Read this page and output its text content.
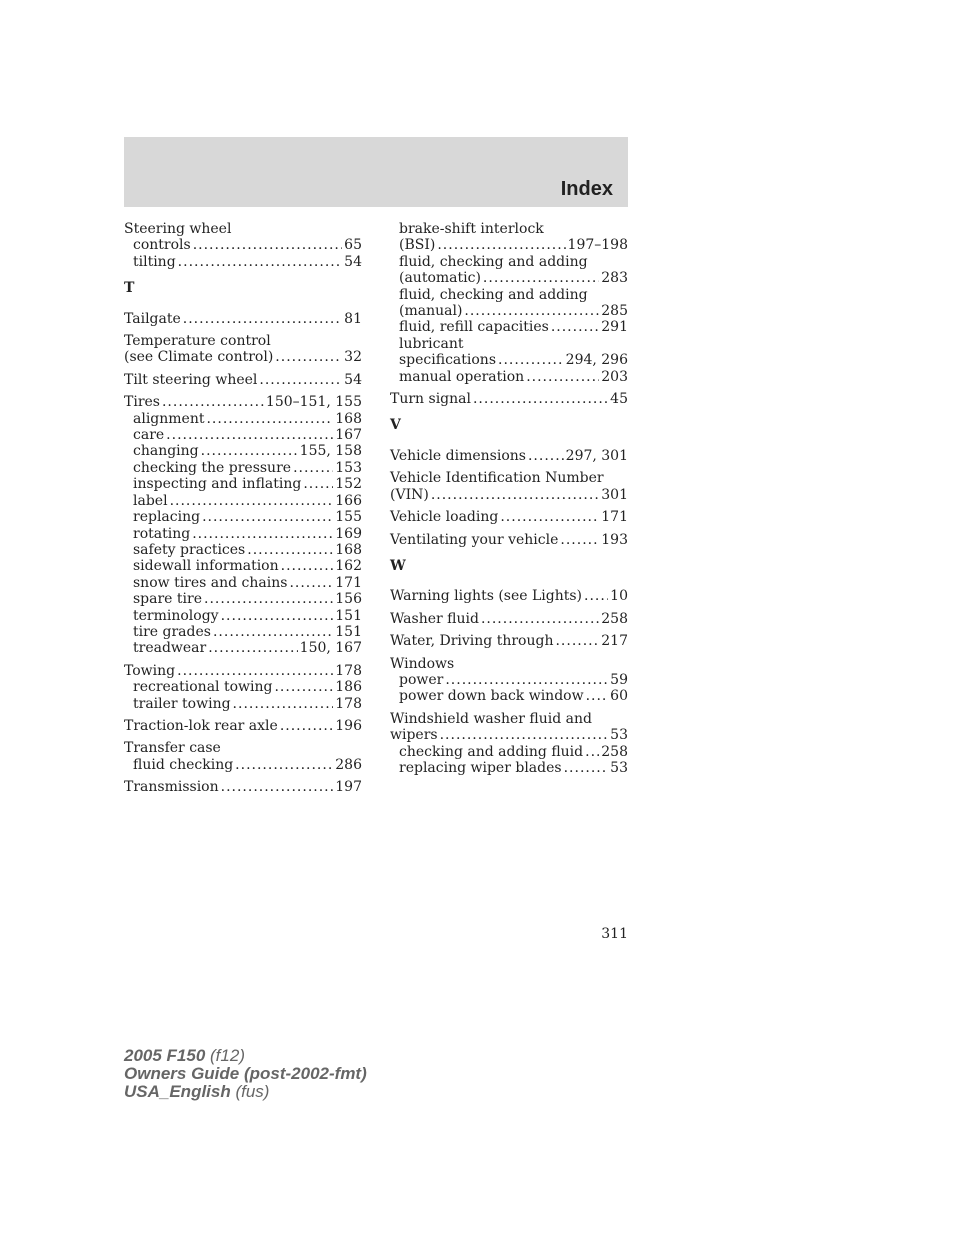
Index
Steering wheel
controls .....	65
tilting .....	54
T
Tailgate .....	81
Temperature control
(see Climate control) .....	32
Tilt steering wheel .....	54
Tires .....	150–151, 155
alignment .....	168
care .....	167
changing .....	155, 158
checking the pressure .....	153
inspecting and inflating ..... 152
label .....	166
replacing .....	155
rotating .....	169
safety practices .....	168
sidewall information .....	162
snow tires and chains .....	171
spare tire .....	156
terminology .....	151
tire grades .....	151
treadwear .....	150, 167
Towing .....	178
recreational towing .....	186
trailer towing .....	178
Traction-lok rear axle .....	196
Transfer case
fluid checking .....	286
Transmission .....	197
brake-shift interlock
(BSI) .....	197–198
fluid, checking and adding
(automatic) .....	283
fluid, checking and adding
(manual) .....	285
fluid, refill capacities .....	291
lubricant
specifications .....	294, 296
manual operation .....	203
Turn signal .....	45
V
Vehicle dimensions .....	297, 301
Vehicle Identification Number
(VIN) .....	301
Vehicle loading .....	171
Ventilating your vehicle .....	193
W
Warning lights (see Lights) ..... 10
Washer fluid .....	258
Water, Driving through .....	217
Windows
power .....	59
power down back window ..... 60
Windshield washer fluid and
wipers .....	53
checking and adding fluid ..... 258
replacing wiper blades .....	53
311
2005 F150 (f12)
Owners Guide (post-2002-fmt)
USA_English (fus)
